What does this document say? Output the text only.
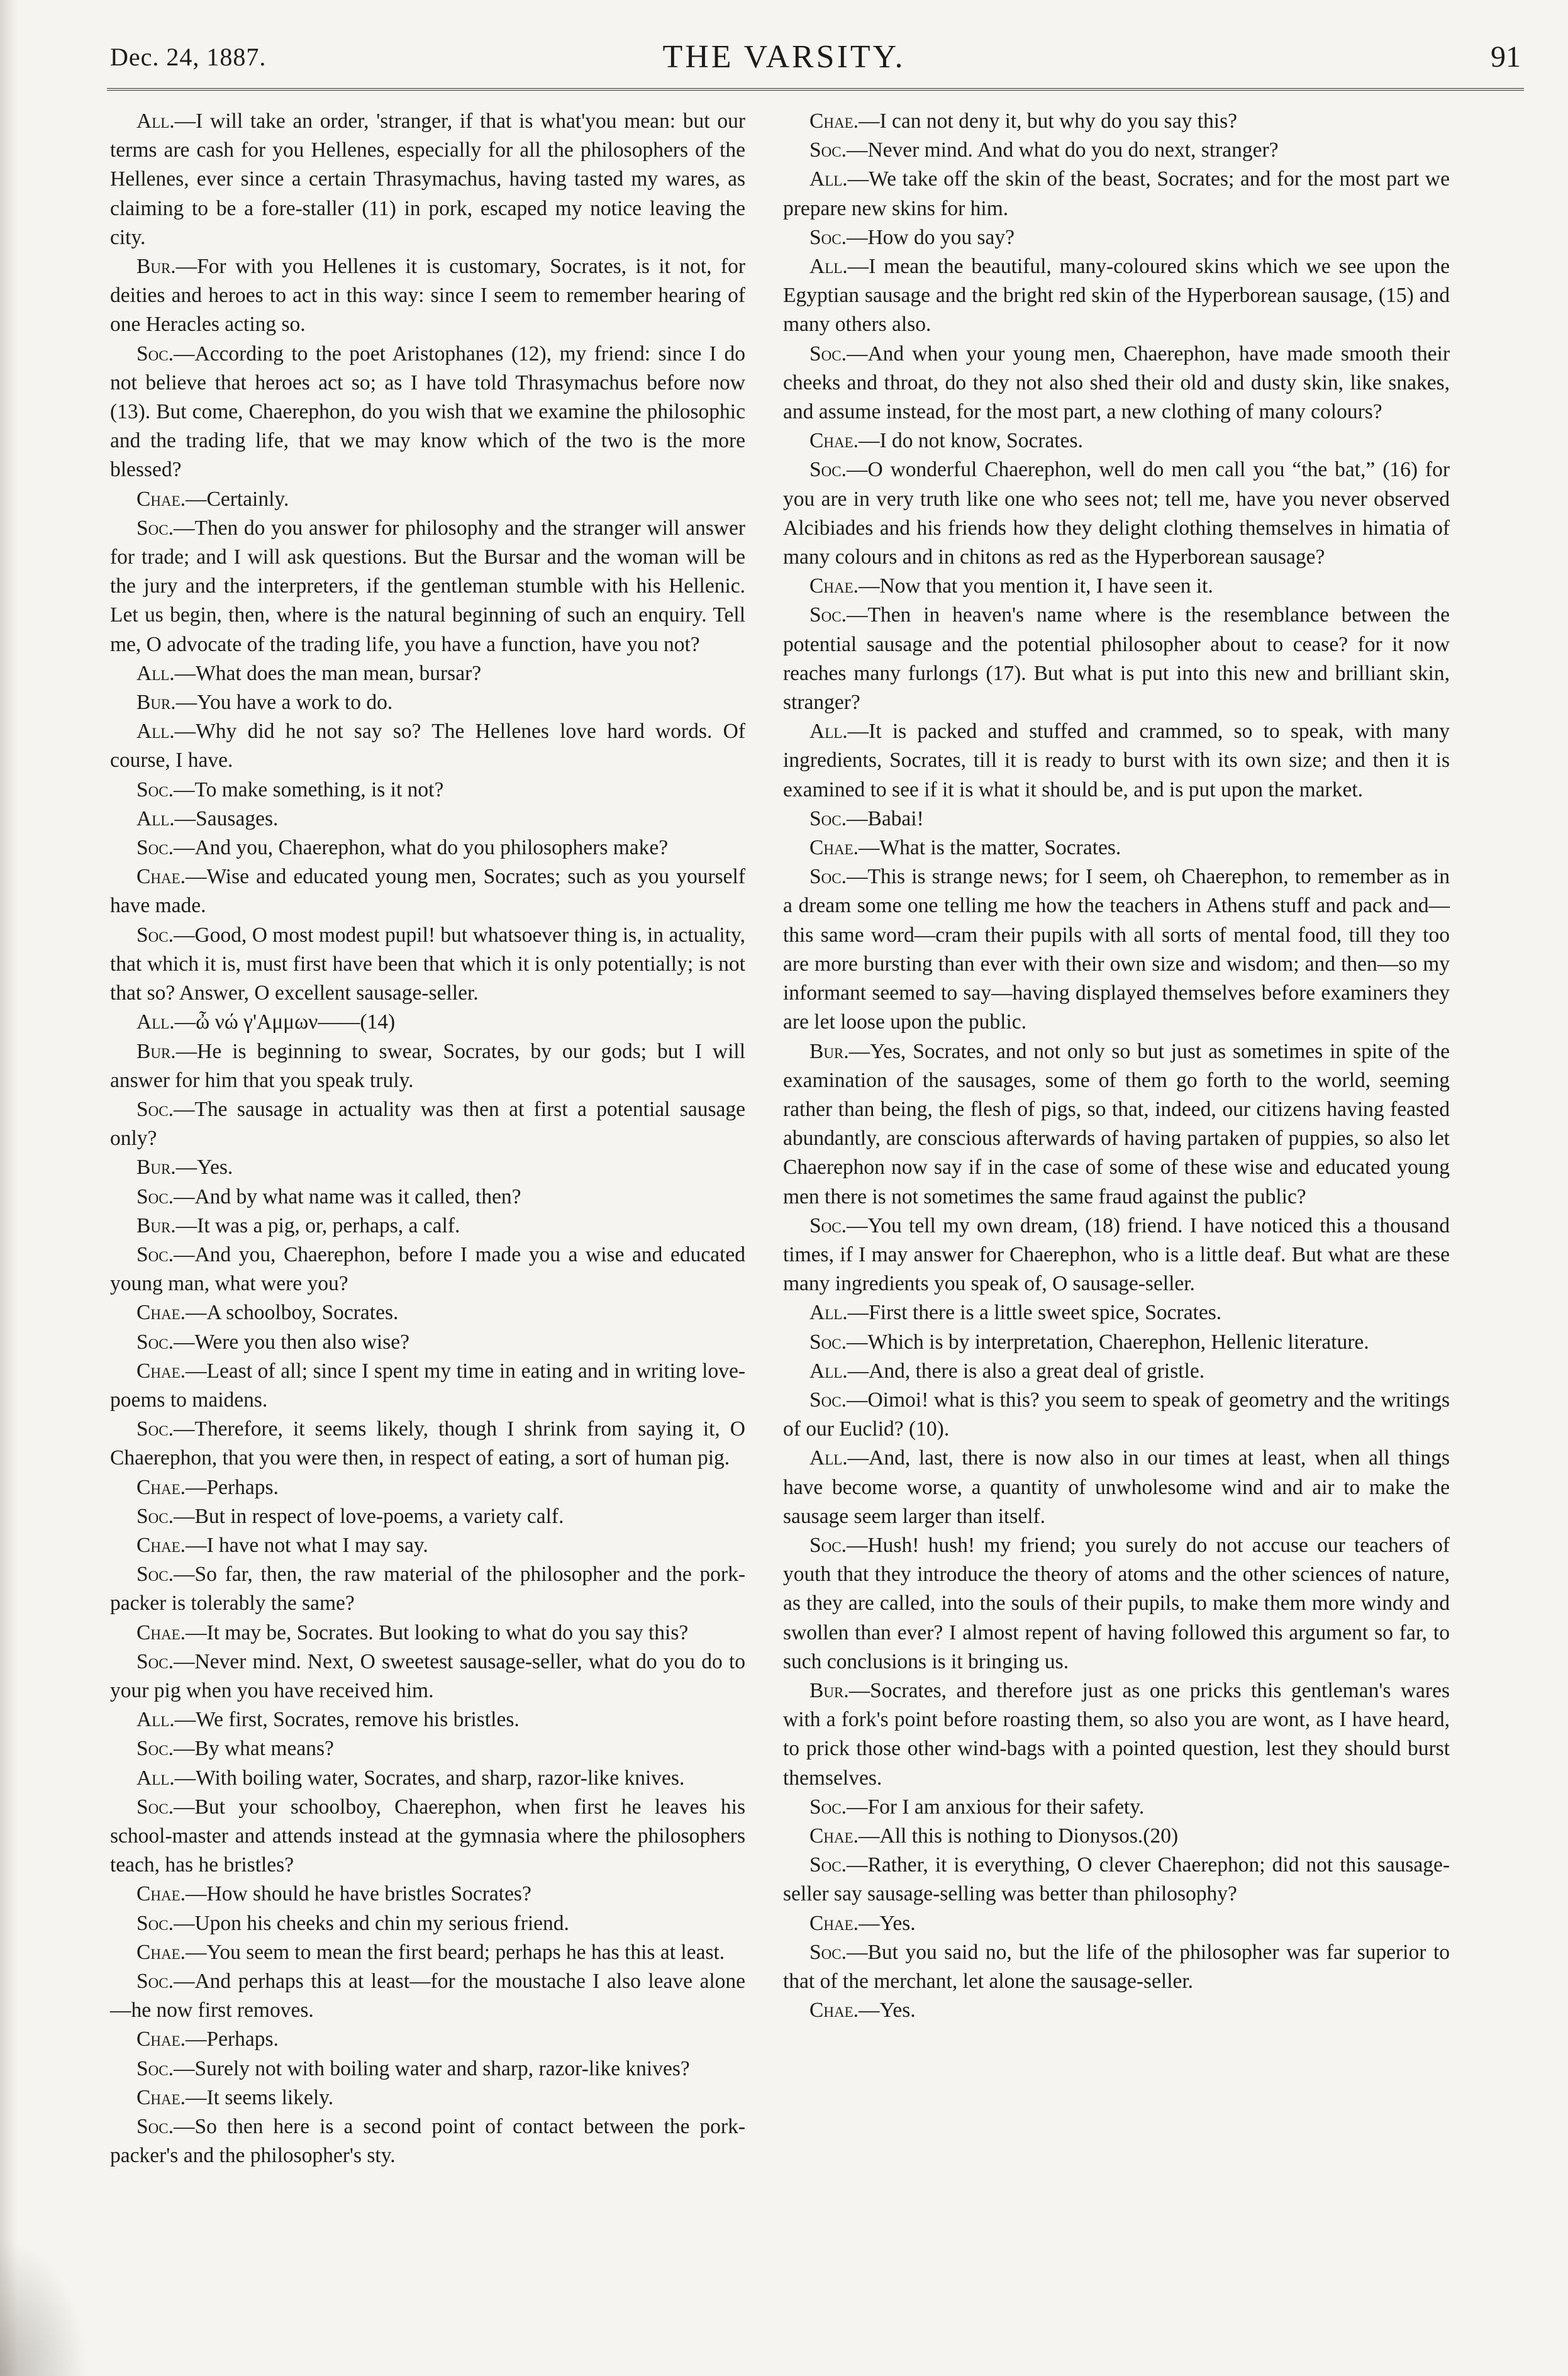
Dec. 24, 1887.	THE VARSITY.	91

All.—I will take an order, 'stranger, if that is what'you mean: but our terms are cash for you Hellenes, especially for all the philosophers of the Hellenes, ever since a certain Thrasymachus, having tasted my wares, as claiming to be a fore-staller (11) in pork, escaped my notice leaving the city.

Bur.—For with you Hellenes it is customary, Socrates, is it not, for deities and heroes to act in this way: since I seem to remember hearing of one Heracles acting so.

Soc.—According to the poet Aristophanes (12), my friend: since I do not believe that heroes act so; as I have told Thrasymachus before now (13). But come, Chaerephon, do you wish that we examine the philosophic and the trading life, that we may know which of the two is the more blessed?

Chae.—Certainly.

Soc.—Then do you answer for philosophy and the stranger will answer for trade; and I will ask questions. But the Bursar and the woman will be the jury and the interpreters, if the gentleman stumble with his Hellenic. Let us begin, then, where is the natural beginning of such an enquiry. Tell me, O advocate of the trading life, you have a function, have you not?

All.—What does the man mean, bursar?

Bur.—You have a work to do.

All.—Why did he not say so? The Hellenes love hard words. Of course, I have.

Soc.—To make something, is it not?

All.—Sausages.

Soc.—And you, Chaerephon, what do you philosophers make?

Chae.—Wise and educated young men, Socrates; such as you yourself have made.

Soc.—Good, O most modest pupil! but whatsoever thing is, in actuality, that which it is, must first have been that which it is only potentially; is not that so? Answer, O excellent sausage-seller.

All.—ὦ νώ γ'Αμμων——(14)

Bur.—He is beginning to swear, Socrates, by our gods; but I will answer for him that you speak truly.

Soc.—The sausage in actuality was then at first a potential sausage only?

Bur.—Yes.

Soc.—And by what name was it called, then?

Bur.—It was a pig, or, perhaps, a calf.

Soc.—And you, Chaerephon, before I made you a wise and educated young man, what were you?

Chae.—A schoolboy, Socrates.

Soc.—Were you then also wise?

Chae.—Least of all; since I spent my time in eating and in writing love-poems to maidens.

Soc.—Therefore, it seems likely, though I shrink from saying it, O Chaerephon, that you were then, in respect of eating, a sort of human pig.

Chae.—Perhaps.

Soc.—But in respect of love-poems, a variety calf.

Chae.—I have not what I may say.

Soc.—So far, then, the raw material of the philosopher and the pork-packer is tolerably the same?

Chae.—It may be, Socrates. But looking to what do you say this?

Soc.—Never mind. Next, O sweetest sausage-seller, what do you do to your pig when you have received him.

All.—We first, Socrates, remove his bristles.

Soc.—By what means?

All.—With boiling water, Socrates, and sharp, razor-like knives.

Soc.—But your schoolboy, Chaerephon, when first he leaves his school-master and attends instead at the gymnasia where the philosophers teach, has he bristles?

Chae.—How should he have bristles Socrates?

Soc.—Upon his cheeks and chin my serious friend.

Chae.—You seem to mean the first beard; perhaps he has this at least.

Soc.—And perhaps this at least—for the moustache I also leave alone—he now first removes.

Chae.—Perhaps.

Soc.—Surely not with boiling water and sharp, razor-like knives?

Chae.—It seems likely.

Soc.—So then here is a second point of contact between the pork-packer's and the philosopher's sty.

Chae.—I can not deny it, but why do you say this?

Soc.—Never mind. And what do you do next, stranger?

All.—We take off the skin of the beast, Socrates; and for the most part we prepare new skins for him.

Soc.—How do you say?

All.—I mean the beautiful, many-coloured skins which we see upon the Egyptian sausage and the bright red skin of the Hyperborean sausage, (15) and many others also.

Soc.—And when your young men, Chaerephon, have made smooth their cheeks and throat, do they not also shed their old and dusty skin, like snakes, and assume instead, for the most part, a new clothing of many colours?

Chae.—I do not know, Socrates.

Soc.—O wonderful Chaerephon, well do men call you “the bat,” (16) for you are in very truth like one who sees not; tell me, have you never observed Alcibiades and his friends how they delight clothing themselves in himatia of many colours and in chitons as red as the Hyperborean sausage?

Chae.—Now that you mention it, I have seen it.

Soc.—Then in heaven's name where is the resemblance between the potential sausage and the potential philosopher about to cease? for it now reaches many furlongs (17). But what is put into this new and brilliant skin, stranger?

All.—It is packed and stuffed and crammed, so to speak, with many ingredients, Socrates, till it is ready to burst with its own size; and then it is examined to see if it is what it should be, and is put upon the market.

Soc.—Babai!

Chae.—What is the matter, Socrates.

Soc.—This is strange news; for I seem, oh Chaerephon, to remember as in a dream some one telling me how the teachers in Athens stuff and pack and—this same word—cram their pupils with all sorts of mental food, till they too are more bursting than ever with their own size and wisdom; and then—so my informant seemed to say—having displayed themselves before examiners they are let loose upon the public.

Bur.—Yes, Socrates, and not only so but just as sometimes in spite of the examination of the sausages, some of them go forth to the world, seeming rather than being, the flesh of pigs, so that, indeed, our citizens having feasted abundantly, are conscious afterwards of having partaken of puppies, so also let Chaerephon now say if in the case of some of these wise and educated young men there is not sometimes the same fraud against the public?

Soc.—You tell my own dream, (18) friend. I have noticed this a thousand times, if I may answer for Chaerephon, who is a little deaf. But what are these many ingredients you speak of, O sausage-seller.

All.—First there is a little sweet spice, Socrates.

Soc.—Which is by interpretation, Chaerephon, Hellenic literature.

All.—And, there is also a great deal of gristle.

Soc.—Oimoi! what is this? you seem to speak of geometry and the writings of our Euclid? (10).

All.—And, last, there is now also in our times at least, when all things have become worse, a quantity of unwholesome wind and air to make the sausage seem larger than itself.

Soc.—Hush! hush! my friend; you surely do not accuse our teachers of youth that they introduce the theory of atoms and the other sciences of nature, as they are called, into the souls of their pupils, to make them more windy and swollen than ever? I almost repent of having followed this argument so far, to such conclusions is it bringing us.

Bur.—Socrates, and therefore just as one pricks this gentleman's wares with a fork's point before roasting them, so also you are wont, as I have heard, to prick those other wind-bags with a pointed question, lest they should burst themselves.

Soc.—For I am anxious for their safety.

Chae.—All this is nothing to Dionysos.(20)

Soc.—Rather, it is everything, O clever Chaerephon; did not this sausage-seller say sausage-selling was better than philosophy?

Chae.—Yes.

Soc.—But you said no, but the life of the philosopher was far superior to that of the merchant, let alone the sausage-seller.

Chae.—Yes.
